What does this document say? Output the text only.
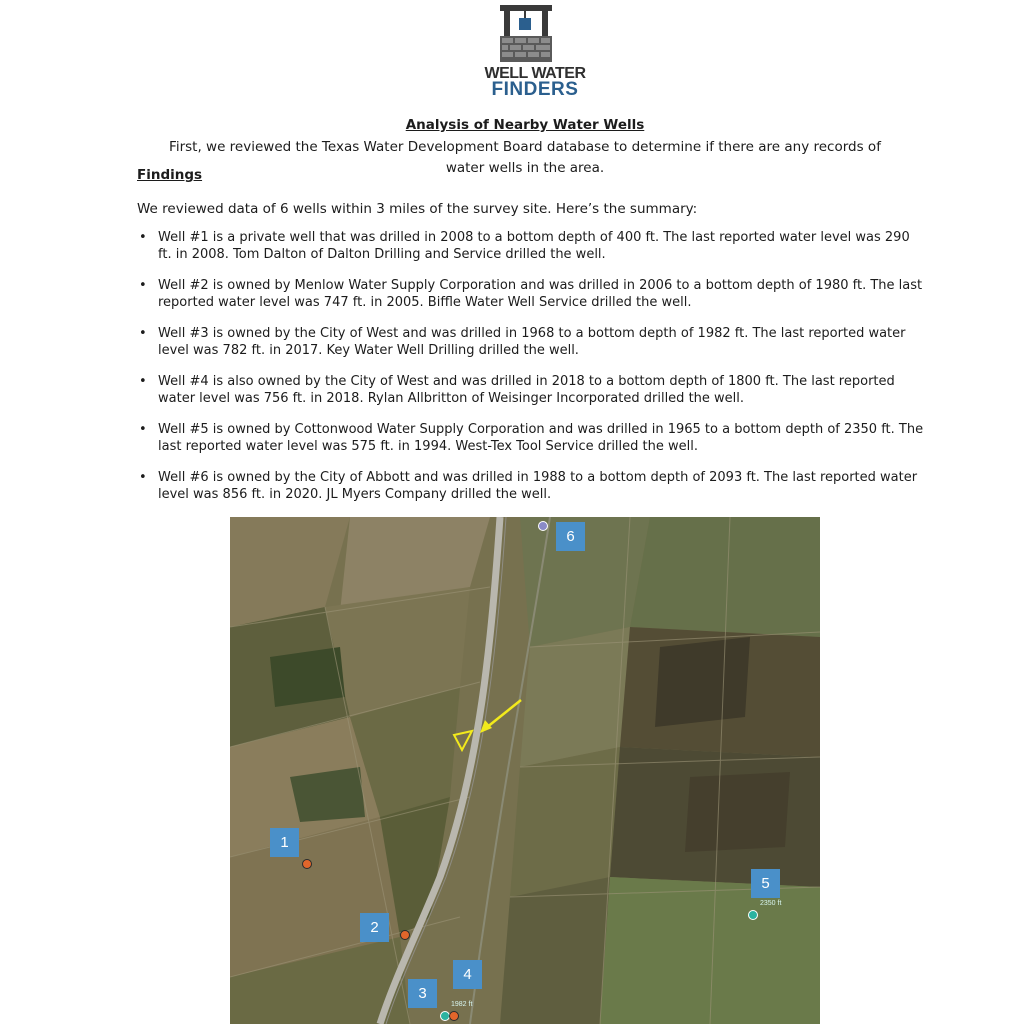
WELL WATER
FINDERS
Analysis of Nearby Water Wells
First, we reviewed the Texas Water Development Board database to determine if there are any records of water wells in the area.
Findings
We reviewed data of 6 wells within 3 miles of the survey site. Here’s the summary:
• Well #1 is a private well that was drilled in 2008 to a bottom depth of 400 ft. The last reported water level was 290 ft. in 2008. Tom Dalton of Dalton Drilling and Service drilled the well.
• Well #2 is owned by Menlow Water Supply Corporation and was drilled in 2006 to a bottom depth of 1980 ft. The last reported water level was 747 ft. in 2005. Biffle Water Well Service drilled the well.
• Well #3 is owned by the City of West and was drilled in 1968 to a bottom depth of 1982 ft. The last reported water level was 782 ft. in 2017. Key Water Well Drilling drilled the well.
• Well #4 is also owned by the City of West and was drilled in 2018 to a bottom depth of 1800 ft. The last reported water level was 756 ft. in 2018. Rylan Allbritton of Weisinger Incorporated drilled the well.
• Well #5 is owned by Cottonwood Water Supply Corporation and was drilled in 1965 to a bottom depth of 2350 ft. The last reported water level was 575 ft. in 1994. West-Tex Tool Service drilled the well.
• Well #6 is owned by the City of Abbott and was drilled in 1988 to a bottom depth of 2093 ft. The last reported water level was 856 ft. in 2020. JL Myers Company drilled the well.
1
2
3
4
5
6
2350 ft
1982 ft
